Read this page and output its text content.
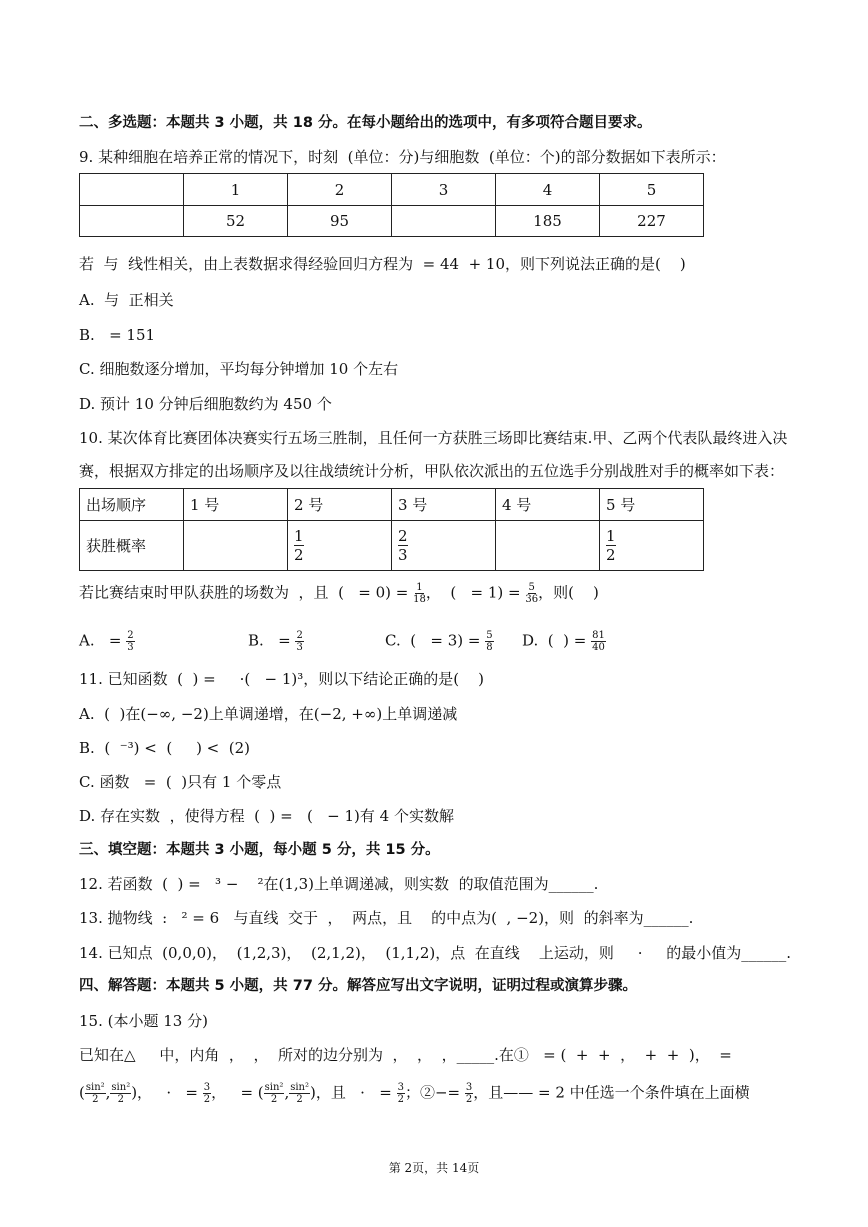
二、多选题：本题共 3 小题，共 18 分。在每小题给出的选项中，有多项符合题目要求。
9. 某种细胞在培养正常的情况下，时刻  (单位：分)与细胞数  (单位：个)的部分数据如下表所示：
	1	2	3	4	5
	52	95		185	227
若  与  线性相关，由上表数据求得经验回归方程为  = 44  + 10，则下列说法正确的是(    )
A.  与  正相关
B.   = 151
C. 细胞数逐分增加，平均每分钟增加 10 个左右
D. 预计 10 分钟后细胞数约为 450 个
10. 某次体育比赛团体决赛实行五场三胜制，且任何一方获胜三场即比赛结束.甲、乙两个代表队最终进入决
赛，根据双方排定的出场顺序及以往战绩统计分析，甲队依次派出的五位选手分别战胜对手的概率如下表：
出场顺序	1 号	2 号	3 号	4 号	5 号
获胜概率		$\frac{1}{2}$	$\frac{2}{3}$		$\frac{1}{2}$
若比赛结束时甲队获胜的场数为  ，且  (   = $0) = \frac{1}{18}$ ，  (   = $1) = \frac{5}{36}$ ，则(    )
A.   = $\frac{2}{3}$	B.   = $\frac{2}{3}$	C.  (   = $3) = \frac{5}{8} D$.  (  ) = $\frac{81}{40}$
11. 已知函数  (  ) =     ·(   − 1)³，则以下结论正确的是(    )
A.  (  )在(−∞, −2)上单调递增，在(−2, +∞)上单调递减
B.  (  ⁻³) <  (     ) <  (2)
C. 函数   =  (  )只有 1 个零点
D. 存在实数  ，使得方程  (  ) =   (   − 1)有 4 个实数解
三、填空题：本题共 3 小题，每小题 5 分，共 15 分。
12. 若函数  (  ) =   ³ −    ²在(1,3)上单调递减，则实数  的取值范围为______.
13. 抛物线  :   ² = 6   与直线  交于  ，  两点，且    的中点为(  , −2)，则  的斜率为______.
14. 已知点  (0,0,0)，  (1,2,3)，  (2,1,2)，  (1,1,2)，点  在直线    上运动，则     ·     的最小值为______.
四、解答题：本题共 5 小题，共 77 分。解答应写出文字说明，证明过程或演算步骤。
15. (本小题 13 分)
已知在△     中，内角  ，  ，  所对的边分别为  ，  ，  ，_____.在①   = (  +  +  ，  +  +  )，  =
( $\frac{\text{sin²}}{2}$ , $\frac{\text{sin²}}{2}$ )，   ·   = $\frac{3}{2}$ ，   = ( $\frac{\text{sin²}}{2}$ , $\frac{\text{sin²}}{2}$ )，且   ·   = $\frac{3}{2}$ ；②−= $\frac{3}{2}$ ，且—— = 2 中任选一个条件填在上面横
第 2页，共 14页
